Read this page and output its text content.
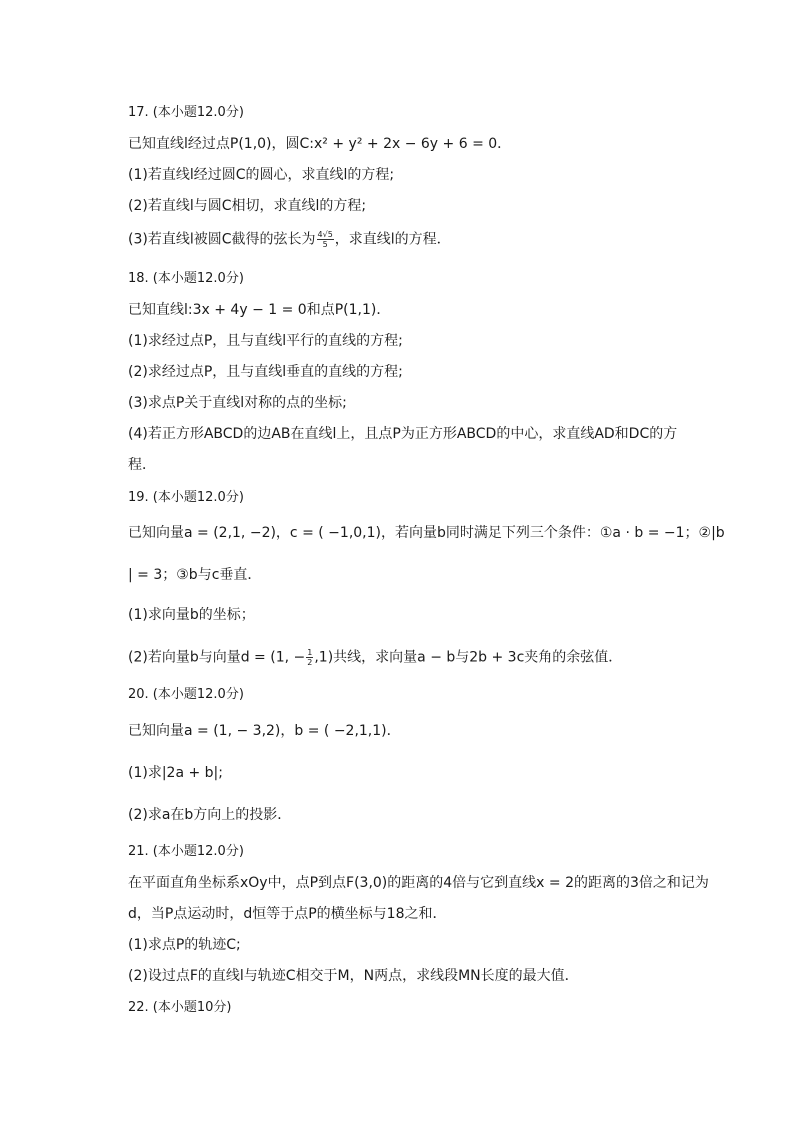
17. (本小题12.0分)
已知直线l经过点P(1,0)，圆C:x² + y² + 2x − 6y + 6 = 0．
(1)若直线l经过圆C的圆心，求直线l的方程;
(2)若直线l与圆C相切，求直线l的方程;
(3)若直线l被圆C截得的弦长为 $\frac{4√5}{5}$ ，求直线l的方程．
18. (本小题12.0分)
已知直线l:3x + 4y − 1 = 0和点P(1,1)．
(1)求经过点P，且与直线l平行的直线的方程;
(2)求经过点P，且与直线l垂直的直线的方程;
(3)求点P关于直线l对称的点的坐标;
(4)若正方形ABCD的边AB在直线l上，且点P为正方形ABCD的中心，求直线AD和DC的方
程．
19. (本小题12.0分)
已知向量a = (2,1, −2)，c = ( −1,0,1)，若向量b同时满足下列三个条件：①a · b = −1；②|b
| = 3；③b与c垂直．
(1)求向量b的坐标；
(2)若向量b与向量d = (1, − $\frac{1}{2} ,1$)共线，求向量a − b与2b + 3c夹角的余弦值．
20. (本小题12.0分)
已知向量a = (1, − 3,2)，b = ( −2,1,1)．
(1)求|2a + b|;
(2)求a在b方向上的投影．
21. (本小题12.0分)
在平面直角坐标系xOy中，点P到点F(3,0)的距离的4倍与它到直线x = 2的距离的3倍之和记为
d，当P点运动时，d恒等于点P的横坐标与18之和．
(1)求点P的轨迹C;
(2)设过点F的直线l与轨迹C相交于M，N两点，求线段MN长度的最大值．
22. (本小题10分)
